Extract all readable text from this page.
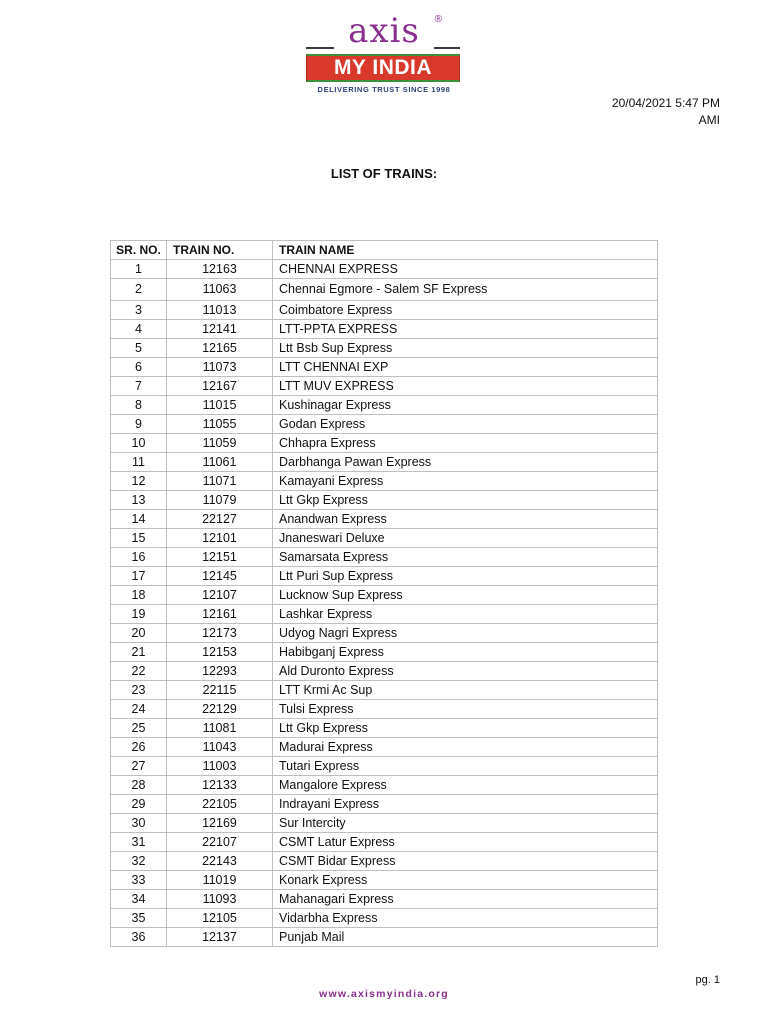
axis	®
MY INDIA
DELIVERING TRUST SINCE 1998
20/04/2021 5:47 PM
AMI
LIST OF TRAINS:
SR. NO.	TRAIN NO.	TRAIN NAME
1	12163	CHENNAI EXPRESS
2	11063	Chennai Egmore - Salem SF Express
3	11013	Coimbatore Express
4	12141	LTT-PPTA EXPRESS
5	12165	Ltt Bsb Sup Express
6	11073	LTT CHENNAI EXP
7	12167	LTT MUV EXPRESS
8	11015	Kushinagar Express
9	11055	Godan Express
10	11059	Chhapra Express
11	11061	Darbhanga Pawan Express
12	11071	Kamayani Express
13	11079	Ltt Gkp Express
14	22127	Anandwan Express
15	12101	Jnaneswari Deluxe
16	12151	Samarsata Express
17	12145	Ltt Puri Sup Express
18	12107	Lucknow Sup Express
19	12161	Lashkar Express
20	12173	Udyog Nagri Express
21	12153	Habibganj Express
22	12293	Ald Duronto Express
23	22115	LTT Krmi Ac Sup
24	22129	Tulsi Express
25	11081	Ltt Gkp Express
26	11043	Madurai Express
27	11003	Tutari Express
28	12133	Mangalore Express
29	22105	Indrayani Express
30	12169	Sur Intercity
31	22107	CSMT Latur Express
32	22143	CSMT Bidar Express
33	11019	Konark Express
34	11093	Mahanagari Express
35	12105	Vidarbha Express
36	12137	Punjab Mail
pg. 1
www.axismyindia.org
